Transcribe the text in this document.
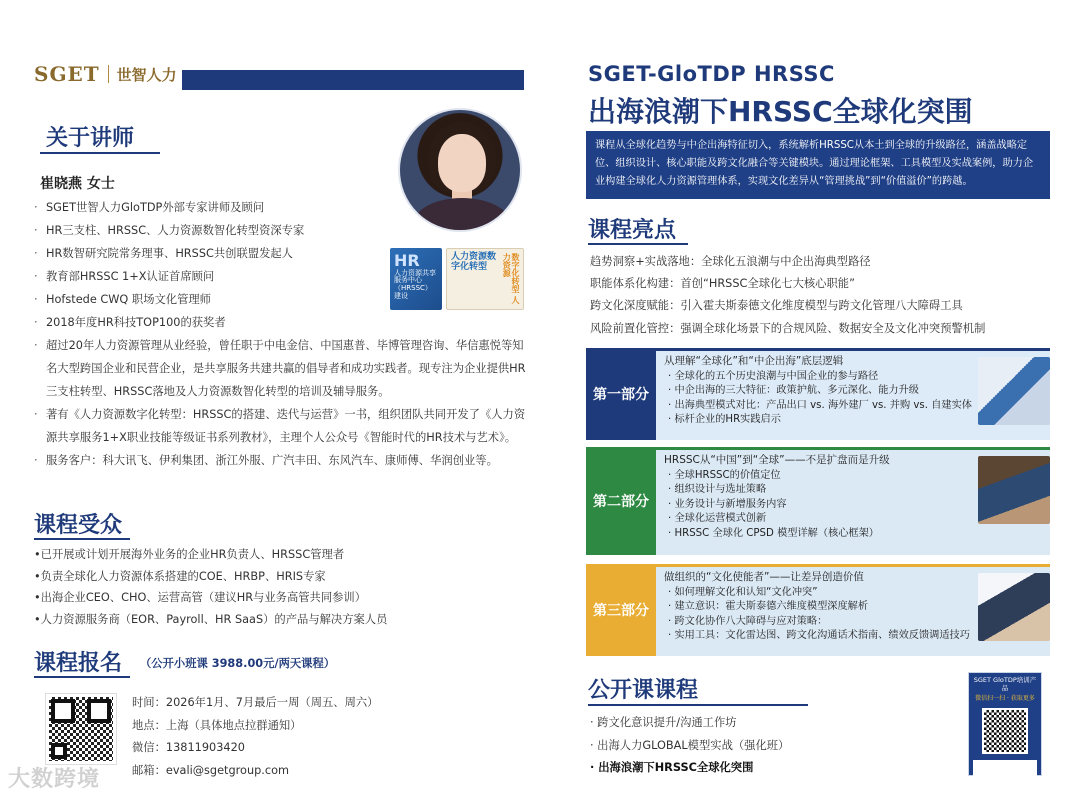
SGET 世智人力
关于讲师
HR
人力资源共享服务中心（HRSSC）建设
人力资源数字化转型	数字化转型 人力资源
崔晓燕 女士
· SGET世智人力GloTDP外部专家讲师及顾问
· HR三支柱、HRSSC、人力资源数智化转型资深专家
· HR数智研究院常务理事、HRSSC共创联盟发起人
· 教育部HRSSC 1+X认证首席顾问
· Hofstede CWQ 职场文化管理师
· 2018年度HR科技TOP100的获奖者
· 超过20年人力资源管理从业经验，曾任职于中电金信、中国惠普、毕博管理咨询、华信惠悦等知名大型跨国企业和民营企业，是共享服务共建共赢的倡导者和成功实践者。现专注为企业提供HR三支柱转型、HRSSC落地及人力资源数智化转型的培训及辅导服务。
· 著有《人力资源数字化转型：HRSSC的搭建、迭代与运营》一书，组织团队共同开发了《人力资源共享服务1+X职业技能等级证书系列教材》，主理个人公众号《智能时代的HR技术与艺术》。
· 服务客户：科大讯飞、伊利集团、浙江外服、广汽丰田、东风汽车、康师傅、华润创业等。
课程受众
•已开展或计划开展海外业务的企业HR负责人、HRSSC管理者
•负责全球化人力资源体系搭建的COE、HRBP、HRIS专家
•出海企业CEO、CHO、运营高管（建议HR与业务高管共同参训）
•人力资源服务商（EOR、Payroll、HR SaaS）的产品与解决方案人员
课程报名 （公开小班课 3988.00元/两天课程）
时间：2026年1月、7月最后一周（周五、周六）
地点：上海（具体地点拉群通知）
微信：13811903420
邮箱：evali@sgetgroup.com
大数跨境
SGET-GloTDP HRSSC
出海浪潮下HRSSC全球化突围
课程从全球化趋势与中企出海特征切入，系统解析HRSSC从本土到全球的升级路径，涵盖战略定位、组织设计、核心职能及跨文化融合等关键模块。通过理论框架、工具模型及实战案例，助力企业构建全球化人力资源管理体系，实现文化差异从“管理挑战”到“价值溢价”的跨越。
课程亮点
趋势洞察+实战落地：全球化五浪潮与中企出海典型路径
职能体系化构建：首创“HRSSC全球化七大核心职能”
跨文化深度赋能：引入霍夫斯泰德文化维度模型与跨文化管理八大障碍工具
风险前置化管控：强调全球化场景下的合规风险、数据安全及文化冲突预警机制
第一部分
从理解“全球化”和“中企出海”底层逻辑
· 全球化的五个历史浪潮与中国企业的参与路径
· 中企出海的三大特征：政策护航、多元深化、能力升级
· 出海典型模式对比：产品出口 vs. 海外建厂 vs. 并购 vs. 自建实体
· 标杆企业的HR实践启示
第二部分
HRSSC从“中国”到“全球”——不是扩盘而是升级
· 全球HRSSC的价值定位
· 组织设计与选址策略
· 业务设计与新增服务内容
· 全球化运营模式创新
· HRSSC 全球化 CPSD 模型详解（核心框架）
第三部分
做组织的“文化使能者”——让差异创造价值
· 如何理解文化和认知“文化冲突”
· 建立意识：霍夫斯泰德六维度模型深度解析
· 跨文化协作八大障碍与应对策略：
· 实用工具：文化雷达图、跨文化沟通话术指南、绩效反馈调适技巧
公开课课程
· 跨文化意识提升/沟通工作坊
· 出海人力GLOBAL模型实战（强化班）
· 出海浪潮下HRSSC全球化突围
SGET GloTDP培训产品
微信扫一扫 · 获取更多
